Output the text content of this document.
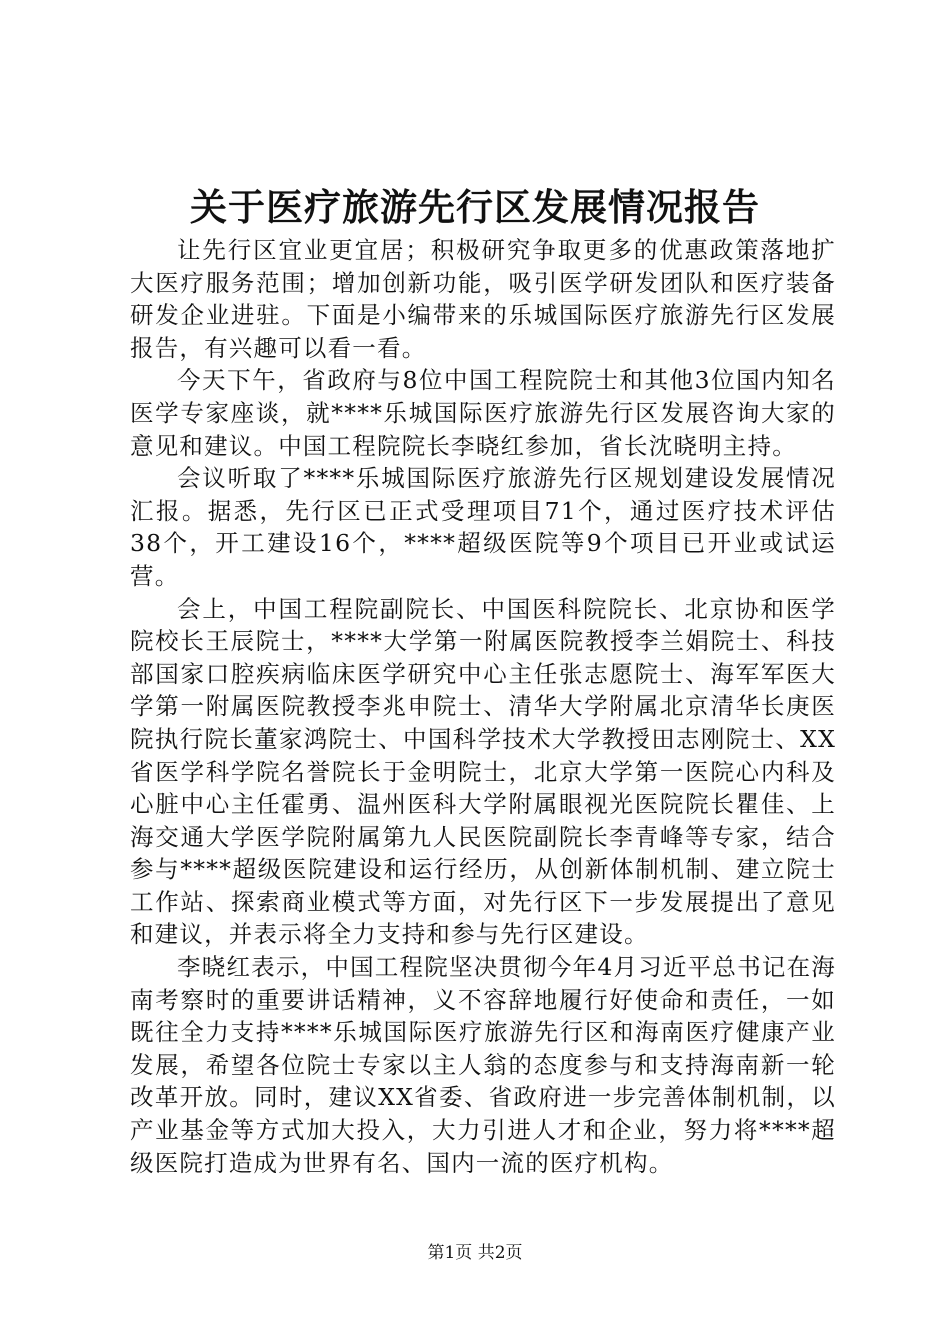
关于医疗旅游先行区发展情况报告

让先行区宜业更宜居；积极研究争取更多的优惠政策落地扩大医疗服务范围；增加创新功能，吸引医学研发团队和医疗装备研发企业进驻。下面是小编带来的乐城国际医疗旅游先行区发展报告，有兴趣可以看一看。

今天下午，省政府与8位中国工程院院士和其他3位国内知名医学专家座谈，就****乐城国际医疗旅游先行区发展咨询大家的意见和建议。中国工程院院长李晓红参加，省长沈晓明主持。

会议听取了****乐城国际医疗旅游先行区规划建设发展情况汇报。据悉，先行区已正式受理项目71个，通过医疗技术评估38个，开工建设16个，****超级医院等9个项目已开业或试运营。

会上，中国工程院副院长、中国医科院院长、北京协和医学院校长王辰院士，****大学第一附属医院教授李兰娟院士、科技部国家口腔疾病临床医学研究中心主任张志愿院士、海军军医大学第一附属医院教授李兆申院士、清华大学附属北京清华长庚医院执行院长董家鸿院士、中国科学技术大学教授田志刚院士、XX省医学科学院名誉院长于金明院士，北京大学第一医院心内科及心脏中心主任霍勇、温州医科大学附属眼视光医院院长瞿佳、上海交通大学医学院附属第九人民医院副院长李青峰等专家，结合参与****超级医院建设和运行经历，从创新体制机制、建立院士工作站、探索商业模式等方面，对先行区下一步发展提出了意见和建议，并表示将全力支持和参与先行区建设。

李晓红表示，中国工程院坚决贯彻今年4月习近平总书记在海南考察时的重要讲话精神，义不容辞地履行好使命和责任，一如既往全力支持****乐城国际医疗旅游先行区和海南医疗健康产业发展，希望各位院士专家以主人翁的态度参与和支持海南新一轮改革开放。同时，建议XX省委、省政府进一步完善体制机制，以产业基金等方式加大投入，大力引进人才和企业，努力将****超级医院打造成为世界有名、国内一流的医疗机构。

第1页 共2页
